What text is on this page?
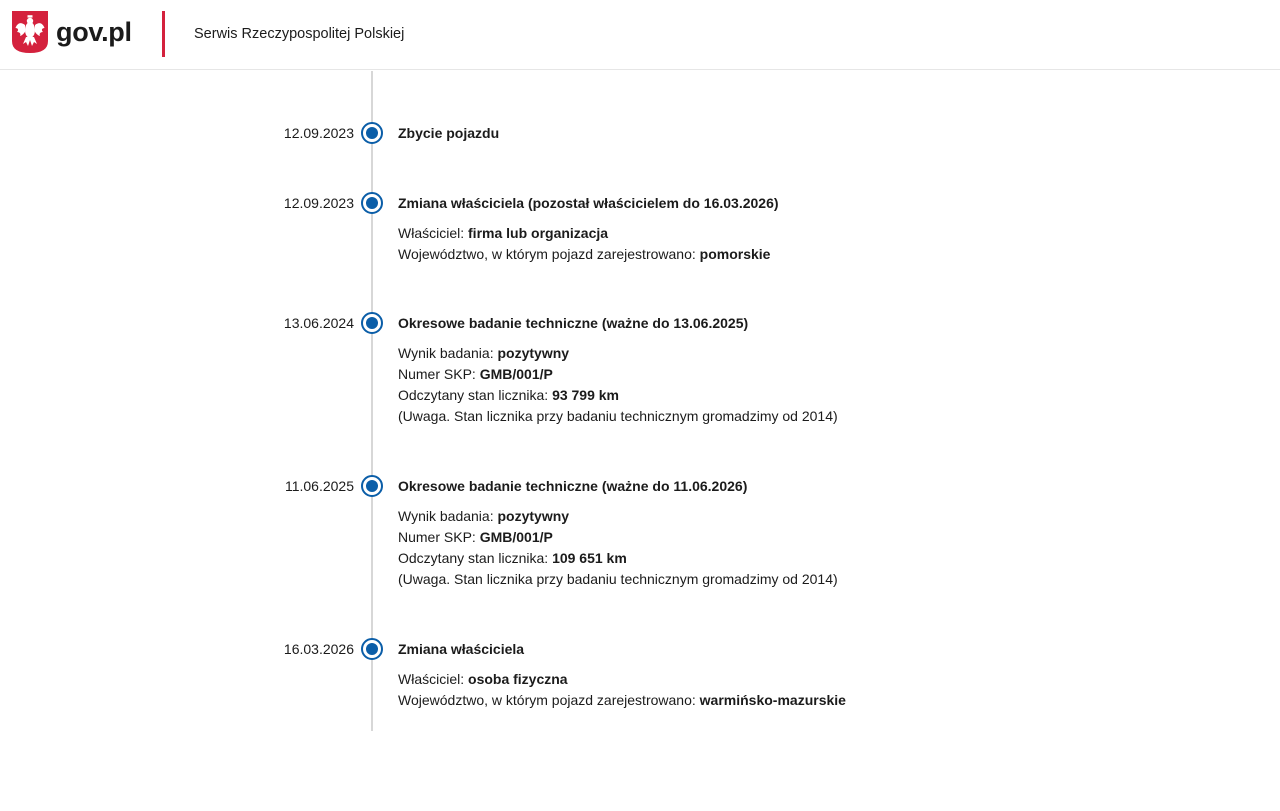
gov.pl	Serwis Rzeczypospolitej Polskiej
12.09.2023	Zbycie pojazdu
12.09.2023	Zmiana właściciela (pozostał właścicielem do 16.03.2026)
Właściciel: firma lub organizacja
Województwo, w którym pojazd zarejestrowano: pomorskie
13.06.2024	Okresowe badanie techniczne (ważne do 13.06.2025)
Wynik badania: pozytywny
Numer SKP: GMB/001/P
Odczytany stan licznika: 93 799 km
(Uwaga. Stan licznika przy badaniu technicznym gromadzimy od 2014)
11.06.2025	Okresowe badanie techniczne (ważne do 11.06.2026)
Wynik badania: pozytywny
Numer SKP: GMB/001/P
Odczytany stan licznika: 109 651 km
(Uwaga. Stan licznika przy badaniu technicznym gromadzimy od 2014)
16.03.2026	Zmiana właściciela
Właściciel: osoba fizyczna
Województwo, w którym pojazd zarejestrowano: warmińsko-mazurskie
